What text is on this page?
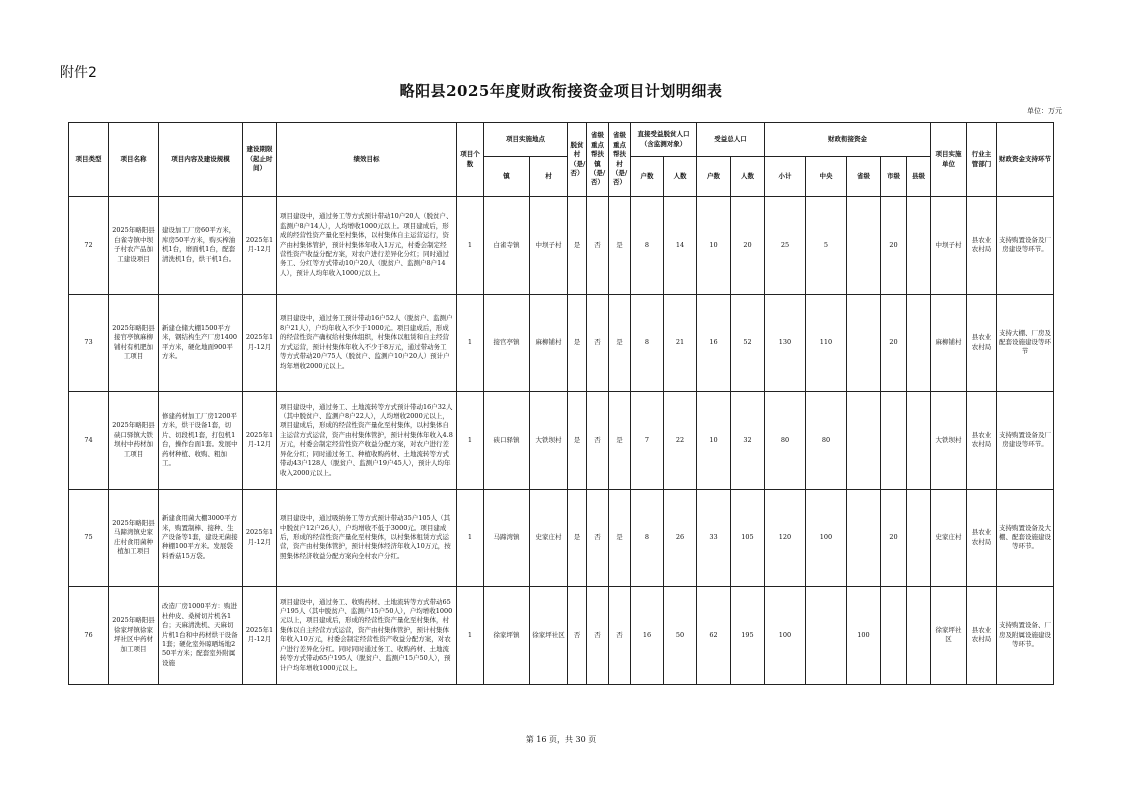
附件2
略阳县2025年度财政衔接资金项目计划明细表
单位：万元
项目类型	项目名称	项目内容及建设规模	建设期限（起止时间）	绩效目标	项目个数	项目实施地点		脱贫村（是/否）	省级重点帮扶镇（是/否）	省级重点帮扶村（是/否）	直接受益脱贫人口（含监测对象）		受益总人口		财政衔接资金					项目实施单位	行业主管部门	财政资金支持环节
						镇	村				户数	人数	户数	人数	小计	中央	省级	市级	县级			
72	2025年略阳县白雀寺镇中坝子村农产品加工建设项目	建设加工厂房60平方米，库房50平方米，购买榨油机1台，磨面机1台，配套清洗机1台，烘干机1台。	2025年1月-12月	项目建设中，通过务工等方式预计带动10户20人（脱贫户、监测户8户14人），人均增收1000元以上。项目建成后，形成的经营性资产量化至村集体，以村集体自主运营运行，资产由村集体管护，预计村集体年收入1万元，村委会制定经营性资产收益分配方案，对农户进行差异化分红；同时通过务工、分红等方式带动10户20人（脱贫户、监测户8户14人），预计人均年收入1000元以上。	1	白雀寺镇	中坝子村	是	否	是	8	14	10	20	25	5		20		中坝子村	县农业农村局	支持购置设备及厂房建设等环节。
73	2025年略阳县接官亭镇麻柳铺村有机肥加工项目	新建仓储大棚1500平方米，钢结构生产厂房1400平方米，硬化地面900平方米。	2025年1月-12月	项目建设中，通过务工预计带动16户52人（脱贫户、监测户8户21人），户均年收入不少于1000元。项目建成后，形成的经营性资产确权给村集体组织，村集体以租赁和自主经营方式运营，预计村集体年收入不少于8万元，通过带动务工等方式带动20户75人（脱贫户、监测户10户20人）预计户均年增收2000元以上。	1	接官亭镇	麻柳铺村	是	否	是	8	21	16	52	130	110		20		麻柳铺村	县农业农村局	支持大棚、厂房及配套设施建设等环节
74	2025年略阳县硖口驿镇大铁坝村中药材加工项目	修建药材加工厂房1200平方米，烘干设备1套，切片、切段机1套，打包机1台，操作台面1套。发展中药材种植、收购、粗加工。	2025年1月-12月	项目建设中，通过务工、土地流转等方式预计带动16户32人（其中脱贫户、监测户8户22人），人均增收2000元以上，项目建成后，形成的经营性资产量化至村集体，以村集体自主运营方式运营，资产由村集体管护，预计村集体年收入4.8万元，村委会制定经营性资产收益分配方案，对农户进行差异化分红；同时通过务工、种植收购药材、土地流转等方式带动43户128人（脱贫户、监测户19户45人），预计人均年收入2000元以上。	1	硖口驿镇	大铁坝村	是	否	是	7	22	10	32	80	80				大铁坝村	县农业农村局	支持购置设备及厂房建设等环节。
75	2025年略阳县马蹄湾镇史家庄村食用菌种植加工项目	新建食用菌大棚3000平方米，购置制棒、接种、生产设备等1套，建设无菌接种棚100平方米。发展袋料香菇15万袋。	2025年1月-12月	项目建设中，通过吸纳务工等方式预计带动35户105人（其中脱贫户12户26人），户均增收不低于3000元。项目建成后，形成的经营性资产量化至村集体，以村集体租赁方式运营，资产由村集体管护，预计村集体经济年收入10万元，按照集体经济收益分配方案向全村农户分红。	1	马蹄湾镇	史家庄村	是	否	是	8	26	33	105	120	100		20		史家庄村	县农业农村局	支持购置设备及大棚、配套设施建设等环节。
76	2025年略阳县徐家坪镇徐家坪社区中药材加工项目	改造厂房1000平方：购进杜仲皮、桑树切片机各1台；天麻清洗机、天麻切片机1台和中药材烘干设备1套；硬化室外晾晒场地250平方米；配套室外附属设施	2025年1月-12月	项目建设中，通过务工、收购药材、土地流转等方式带动65户195人（其中脱贫户、监测户15户50人），户均增收1000元以上，项目建成后，形成的经营性资产量化至村集体，村集体以自主经营方式运营，资产由村集体管护，预计村集体年收入10万元，村委会制定经营性资产收益分配方案，对农户进行差异化分红。同时同时通过务工、收购药材、土地流转等方式带动65户195人（脱贫户、监测户15户50人），预计户均年增收1000元以上。	1	徐家坪镇	徐家坪社区	否	否	否	16	50	62	195	100		100			徐家坪社区	县农业农村局	支持购置设备、厂房及附属设施建设等环节。
第 16 页，共 30 页
